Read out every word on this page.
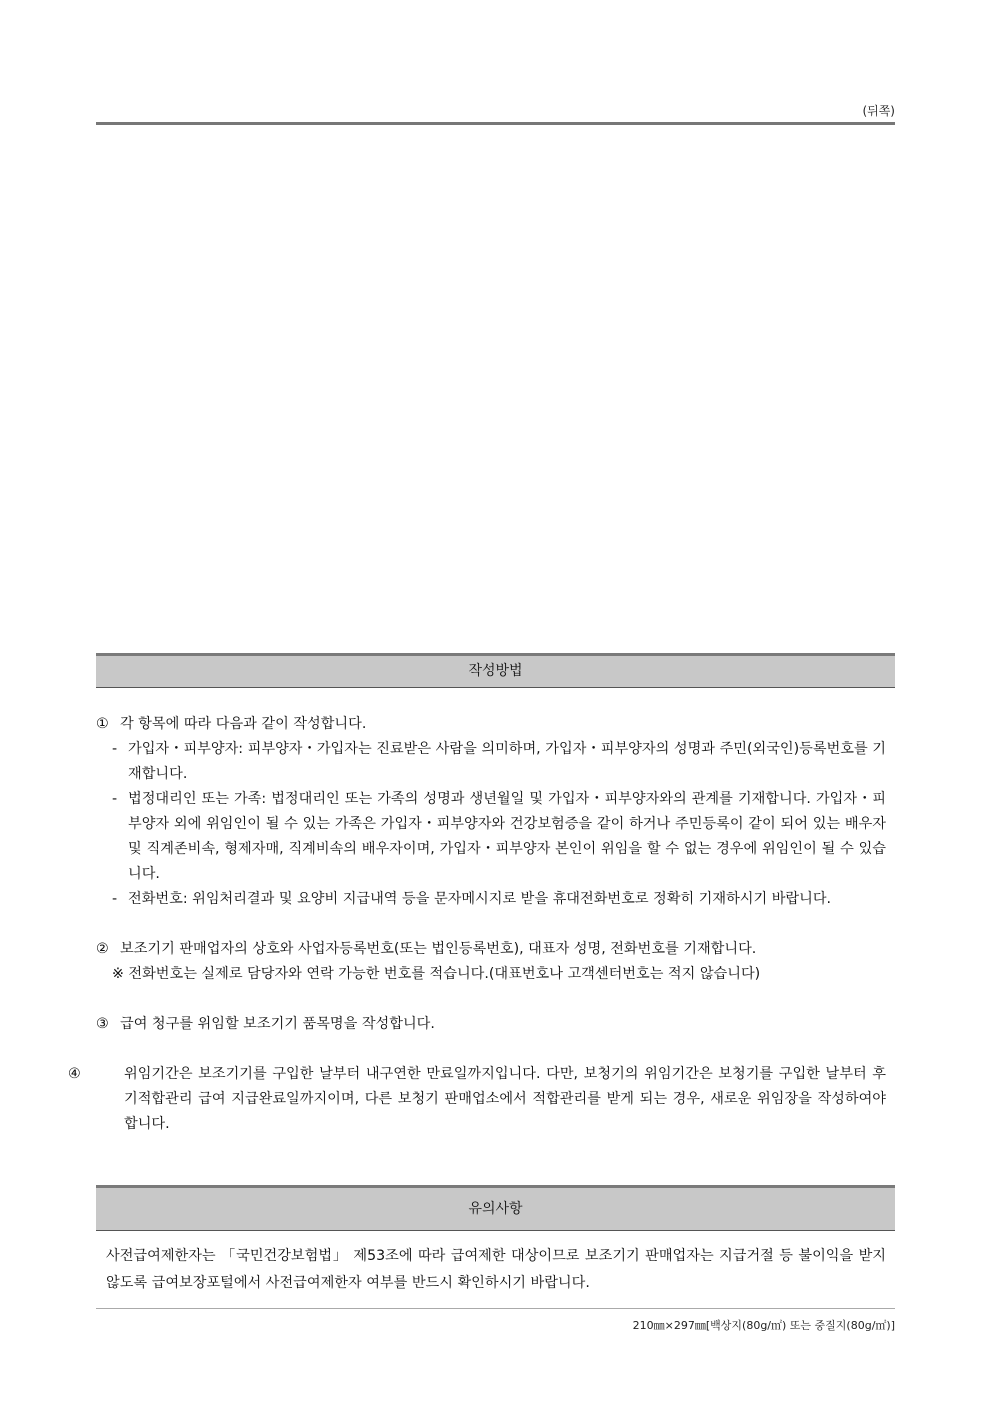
(뒤쪽)
작성방법
① 각 항목에 따라 다음과 같이 작성합니다.
- 가입자・피부양자: 피부양자・가입자는 진료받은 사람을 의미하며, 가입자・피부양자의 성명과 주민(외국인)등록번호를 기재합니다.
- 법정대리인 또는 가족: 법정대리인 또는 가족의 성명과 생년월일 및 가입자・피부양자와의 관계를 기재합니다. 가입자・피부양자 외에 위임인이 될 수 있는 가족은 가입자・피부양자와 건강보험증을 같이 하거나 주민등록이 같이 되어 있는 배우자 및 직계존비속, 형제자매, 직계비속의 배우자이며, 가입자・피부양자 본인이 위임을 할 수 없는 경우에 위임인이 될 수 있습니다.
- 전화번호: 위임처리결과 및 요양비 지급내역 등을 문자메시지로 받을 휴대전화번호로 정확히 기재하시기 바랍니다.
② 보조기기 판매업자의 상호와 사업자등록번호(또는 법인등록번호), 대표자 성명, 전화번호를 기재합니다.
※ 전화번호는 실제로 담당자와 연락 가능한 번호를 적습니다.(대표번호나 고객센터번호는 적지 않습니다)
③ 급여 청구를 위임할 보조기기 품목명을 작성합니다.
④	위임기간은 보조기기를 구입한 날부터 내구연한 만료일까지입니다. 다만, 보청기의 위임기간은 보청기를 구입한 날부터 후기적합관리 급여 지급완료일까지이며, 다른 보청기 판매업소에서 적합관리를 받게 되는 경우, 새로운 위임장을 작성하여야 합니다.
유의사항
사전급여제한자는 「국민건강보험법」 제53조에 따라 급여제한 대상이므로 보조기기 판매업자는 지급거절 등 불이익을 받지 않도록 급여보장포털에서 사전급여제한자 여부를 반드시 확인하시기 바랍니다.
210㎜×297㎜[백상지(80g/㎡) 또는 중질지(80g/㎡)]
